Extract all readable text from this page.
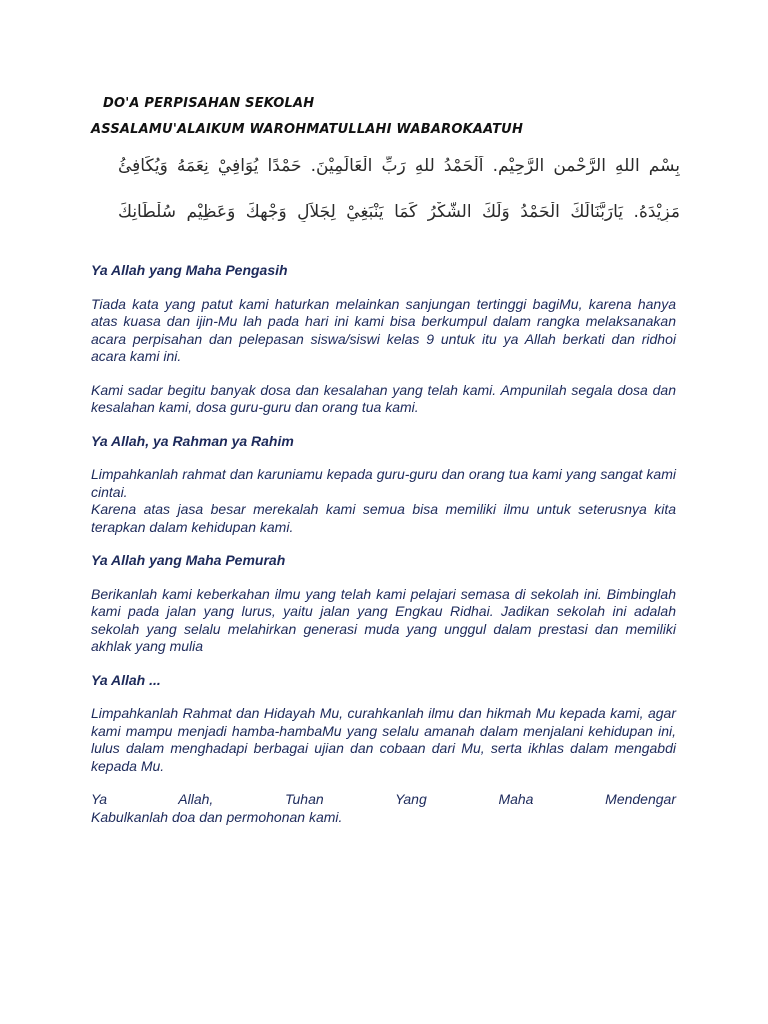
DO'A PERPISAHAN SEKOLAH
ASSALAMU'ALAIKUM WAROHMATULLAHI WABAROKAATUH
بِسْمِ اللهِ الرَّحْمنِ الرَّحِيْمِ. اَلْحَمْدُ للهِ رَبِّ الْعَالَمِيْنَ. حَمْدًا يُوَافِيْ نِعَمَهُ وَيُكَافِئُ
مَزِيْدَهُ. يَارَبَّنَالَكَ الْحَمْدُ وَلَكَ الشُّكْرُ كَمَا يَنْبَغِيْ لِجَلاَلِ وَجْهِكَ وَعَظِيْمِ سُلْطَانِكَ

Ya Allah yang Maha Pengasih

Tiada kata yang patut kami haturkan melainkan sanjungan tertinggi bagiMu, karena hanya atas kuasa dan ijin-Mu lah pada hari ini kami bisa berkumpul dalam rangka melaksanakan acara perpisahan dan pelepasan siswa/siswi kelas 9 untuk itu ya Allah berkati dan ridhoi acara kami ini.

Kami sadar begitu banyak dosa dan kesalahan yang telah kami. Ampunilah segala dosa dan kesalahan kami, dosa guru-guru dan orang tua kami.

Ya Allah, ya Rahman ya Rahim

Limpahkanlah rahmat dan karuniamu kepada guru-guru dan orang tua kami yang sangat kami cintai.

Karena atas jasa besar merekalah kami semua bisa memiliki ilmu untuk seterusnya kita terapkan dalam kehidupan kami.

Ya Allah yang Maha Pemurah

Berikanlah kami keberkahan ilmu yang telah kami pelajari semasa di sekolah ini. Bimbinglah kami pada jalan yang lurus, yaitu jalan yang Engkau Ridhai. Jadikan sekolah ini adalah sekolah yang selalu melahirkan generasi muda yang unggul dalam prestasi dan memiliki akhlak yang mulia

Ya Allah ...

Limpahkanlah Rahmat dan Hidayah Mu, curahkanlah ilmu dan hikmah Mu kepada kami, agar kami mampu menjadi hamba-hambaMu yang selalu amanah dalam menjalani kehidupan ini, lulus dalam menghadapi berbagai ujian dan cobaan dari Mu, serta ikhlas dalam mengabdi kepada Mu.

Ya Allah, Tuhan Yang Maha Mendengar

Kabulkanlah doa dan permohonan kami.
